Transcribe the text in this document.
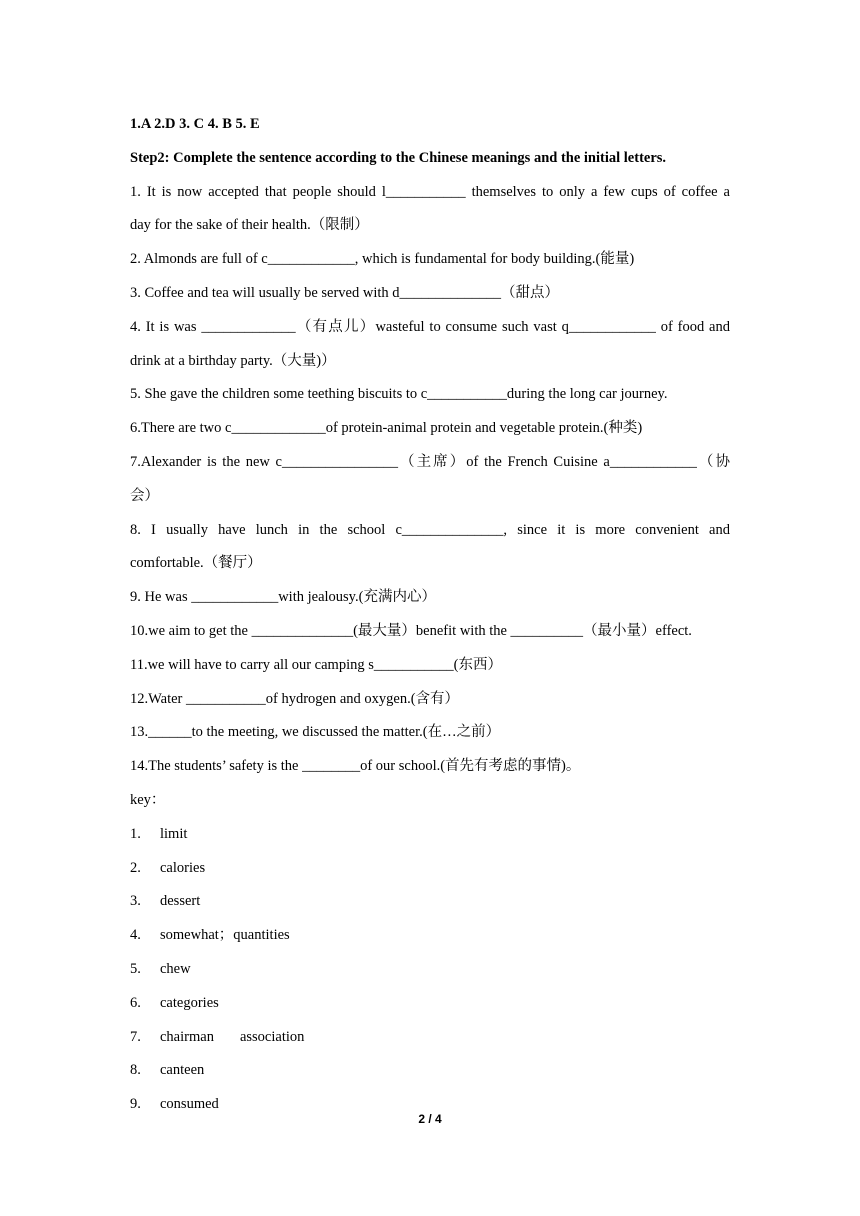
1.A 2.D 3. C 4. B 5. E
Step2: Complete the sentence according to the Chinese meanings and the initial letters.
1. It is now accepted that people should l___________ themselves to only a few cups of coffee a
day for the sake of their health.（限制）
2. Almonds are full of c____________, which is fundamental for body building.(能量)
3. Coffee and tea will usually be served with d______________（甜点）
4. It is was _____________（有点儿）wasteful to consume such vast q____________ of food and
drink at a birthday party.（大量)）
5. She gave the children some teething biscuits to c___________during the long car journey.
6.There are two c_____________of protein-animal protein and vegetable protein.(种类)
7.Alexander is the new c________________（主席）of the French Cuisine a____________（协
会）
8. I usually have lunch in the school c______________, since it is more convenient and
comfortable.（餐厅）
9. He was ____________with jealousy.(充满内心）
10.we aim to get the ______________(最大量）benefit with the __________（最小量）effect.
11.we will have to carry all our camping s___________(东西）
12.Water ___________of hydrogen and oxygen.(含有）
13.______to the meeting, we discussed the matter.(在…之前）
14.The students’ safety is the ________of our school.(首先有考虑的事情)。
key：
1.	limit
2.	calories
3.	dessert
4.	somewhat；quantities
5.	chew
6.	categories
7.	chairman association
8.	canteen
9.	consumed
2 / 4
